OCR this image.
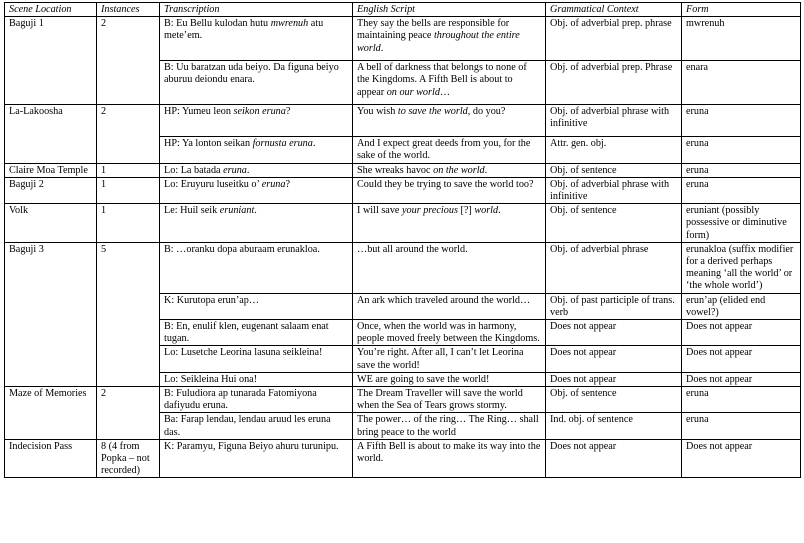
Scene Location	Instances	Transcription	English Script	Grammatical Context	Form
Baguji 1	2	B: Eu Bellu kulodan hutu mwrenuh atu mete’em.	They say the bells are responsible for maintaining peace throughout the entire world.	Obj. of adverbial prep. phrase	mwrenuh
		B: Uu baratzan uda beiyo. Da figuna beiyo aburuu deiondu enara.	A bell of darkness that belongs to none of the Kingdoms. A Fifth Bell is about to appear on our world…	Obj. of adverbial prep. Phrase	enara
La-Lakoosha	2	HP: Yumeu leon seikon eruna?	You wish to save the world, do you?	Obj. of adverbial phrase with infinitive	eruna
		HP: Ya lonton seikan fornusta eruna.	And I expect great deeds from you, for the sake of the world.	Attr. gen. obj.	eruna
Claire Moa Temple	1	Lo: La batada eruna.	She wreaks havoc on the world.	Obj. of sentence	eruna
Baguji 2	1	Lo: Eruyuru luseitku o’ eruna?	Could they be trying to save the world too?	Obj. of adverbial phrase with infinitive	eruna
Volk	1	Le: Huil seik eruniant.	I will save your precious [?] world.	Obj. of sentence	eruniant (possibly possessive or diminutive form)
Baguji 3	5	B: …oranku dopa aburaam erunakloa.	…but all around the world.	Obj. of adverbial phrase	erunakloa (suffix modifier for a derived perhaps meaning ‘all the world’ or ‘the whole world’)
		K: Kurutopa erun’ap…	An ark which traveled around the world…	Obj. of past participle of trans. verb	erun’ap (elided end vowel?)
		B: En, enulif klen, eugenant salaam enat tugan.	Once, when the world was in harmony, people moved freely between the Kingdoms.	Does not appear	Does not appear
		Lo: Lusetche Leorina lasuna seikleina!	You’re right. After all, I can’t let Leorina save the world!	Does not appear	Does not appear
		Lo: Seikleina Hui ona!	WE are going to save the world!	Does not appear	Does not appear
Maze of Memories	2	B: Fuludiora ap tunarada Fatomiyona dafiyudu eruna.	The Dream Traveller will save the world when the Sea of Tears grows stormy.	Obj. of sentence	eruna
		Ba: Farap lendau, lendau aruud les eruna das.	The power… of the ring… The Ring… shall bring peace to the world	Ind. obj. of sentence	eruna
Indecision Pass	8 (4 from Popka – not recorded)	K: Paramyu, Figuna Beiyo ahuru turunipu.	A Fifth Bell is about to make its way into the world.	Does not appear	Does not appear
